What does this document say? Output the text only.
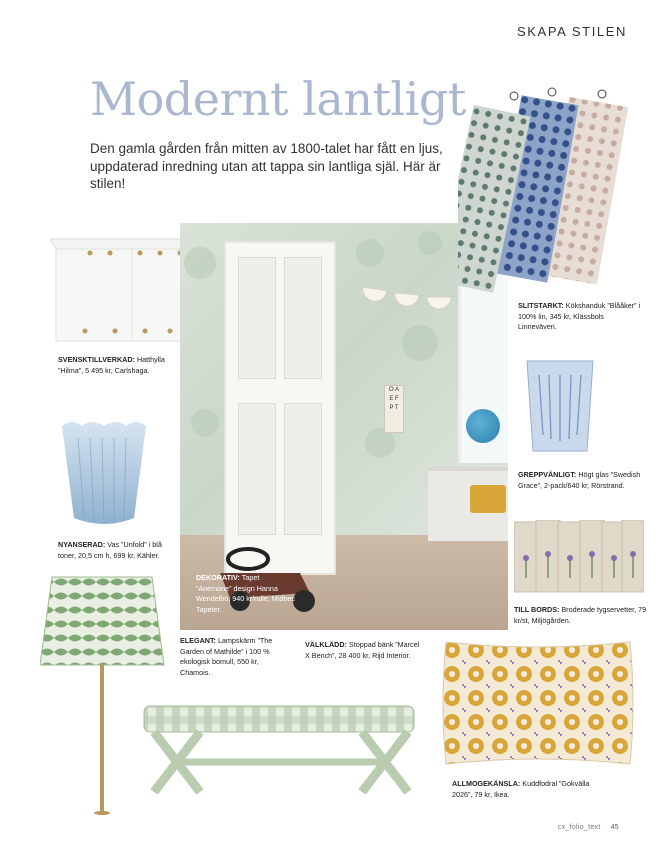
SKAPA STILEN
Modernt lantligt
Den gamla gården från mitten av 1800-talet har fått en ljus, uppdaterad inredning utan att tappa sin lantliga själ. Här är stilen!
SVENSKTILLVERKAD: Hatthylla ”Hilma”, 5 495 kr, Carlshaga.
NYANSERAD: Vas ”Unfold” i blå toner, 20,5 cm h, 699 kr, Kähler.
O A
E F
P T
DEKORATIV: Tapet ”Anemone” design Hanna Wendelbo, 940 kr/rulle, Midbec Tapeter.
SLITSTARKT: Kökshanduk ”Blååker” i 100% lin, 345 kr, Klässbols Linneväveri.
GREPPVÄNLIGT: Högt glas ”Swedish Grace”, 2-pack/640 kr, Rörstrand.
TILL BORDS: Broderade tygservetter, 79 kr/st, Miljögården.
ELEGANT: Lampskärm ”The Garden of Mathilde” i 100 % ekologisk bomull, 550 kr, Chamois.
VÄLKLÄDD: Stoppad bänk ”Marcel X Bench”, 28 400 kr, Rijd Interior.
ALLMOGEKÄNSLA: Kuddfodral ”Gokvälla 2026”, 79 kr, Ikea.
cx_folio_text 45
